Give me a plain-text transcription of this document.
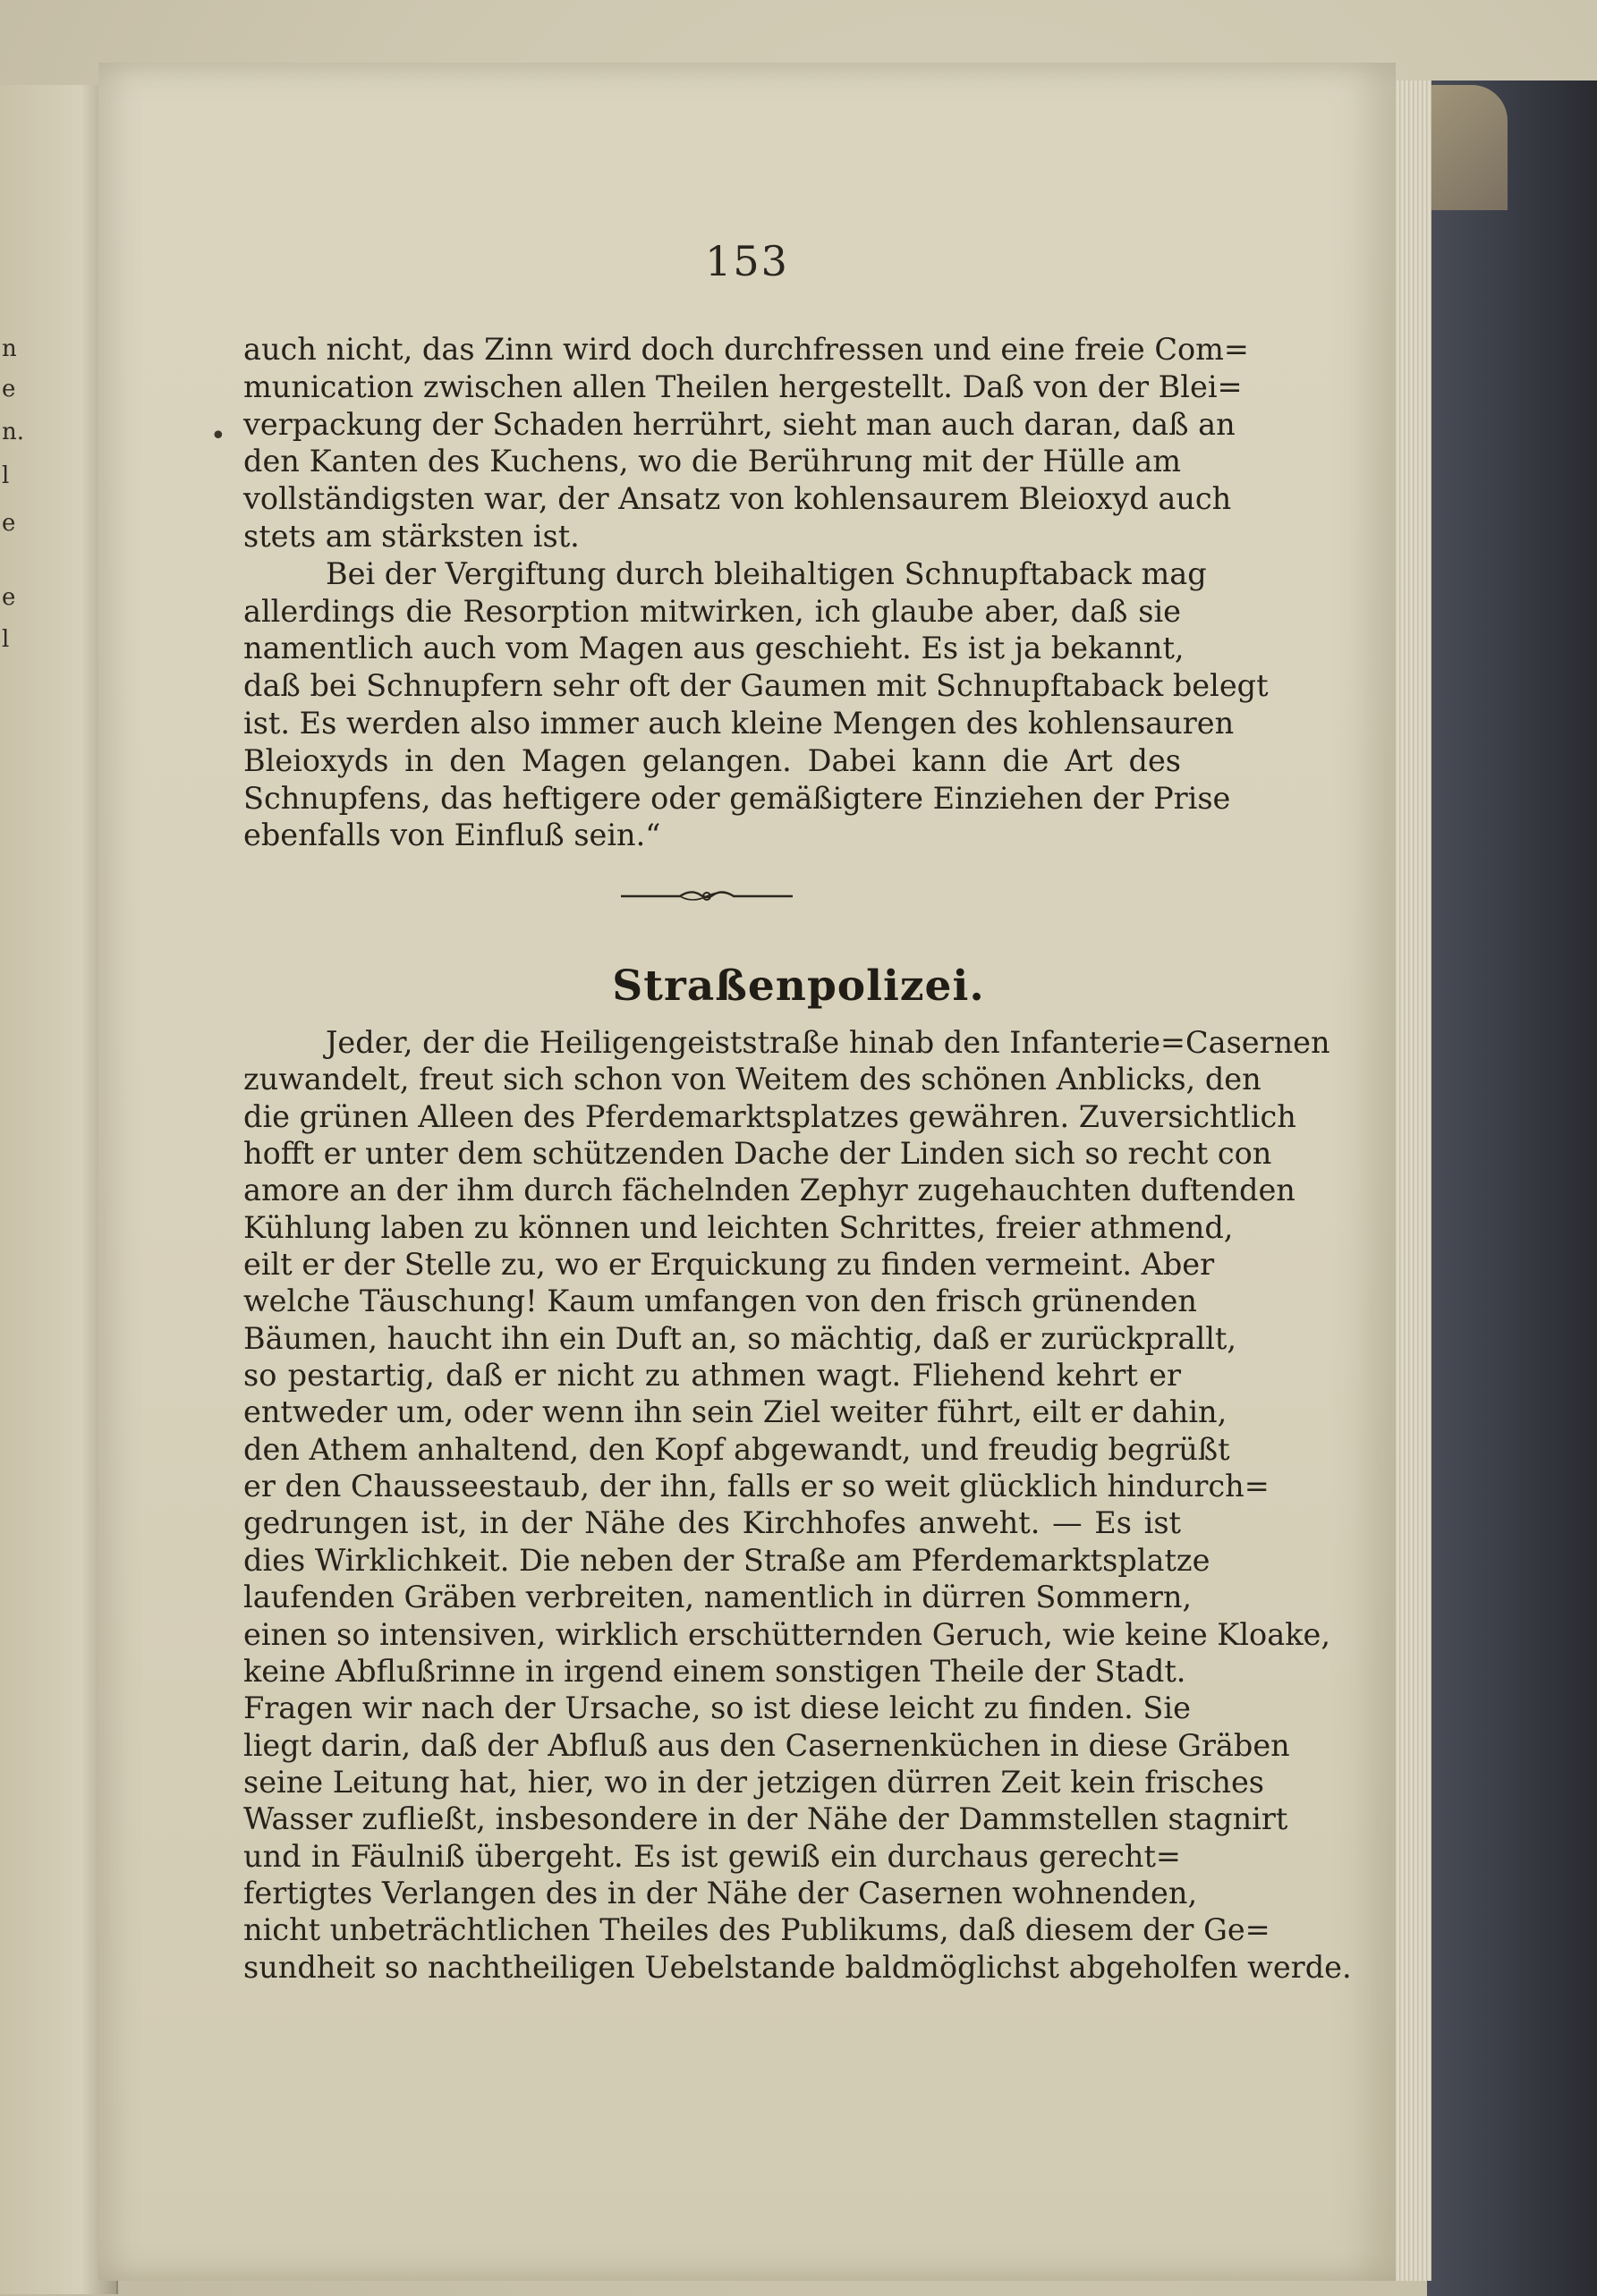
n
e
n.
l
e
e
l
153
•
auch nicht, das Zinn wird doch durchfressen und eine freie Com=
munication zwischen allen Theilen hergestellt. Daß von der Blei=
verpackung der Schaden herrührt, sieht man auch daran, daß an
den Kanten des Kuchens, wo die Berührung mit der Hülle am
vollständigsten war, der Ansatz von kohlensaurem Bleioxyd auch
stets am stärksten ist.
Bei der Vergiftung durch bleihaltigen Schnupftaback mag
allerdings die Resorption mitwirken, ich glaube aber, daß sie
namentlich auch vom Magen aus geschieht. Es ist ja bekannt,
daß bei Schnupfern sehr oft der Gaumen mit Schnupftaback belegt
ist. Es werden also immer auch kleine Mengen des kohlensauren
Bleioxyds in den Magen gelangen. Dabei kann die Art des
Schnupfens, das heftigere oder gemäßigtere Einziehen der Prise
ebenfalls von Einfluß sein.“
Straßenpolizei.
Jeder, der die Heiligengeiststraße hinab den Infanterie=Casernen
zuwandelt, freut sich schon von Weitem des schönen Anblicks, den
die grünen Alleen des Pferdemarktsplatzes gewähren. Zuversichtlich
hofft er unter dem schützenden Dache der Linden sich so recht con
amore an der ihm durch fächelnden Zephyr zugehauchten duftenden
Kühlung laben zu können und leichten Schrittes, freier athmend,
eilt er der Stelle zu, wo er Erquickung zu finden vermeint. Aber
welche Täuschung! Kaum umfangen von den frisch grünenden
Bäumen, haucht ihn ein Duft an, so mächtig, daß er zurückprallt,
so pestartig, daß er nicht zu athmen wagt. Fliehend kehrt er
entweder um, oder wenn ihn sein Ziel weiter führt, eilt er dahin,
den Athem anhaltend, den Kopf abgewandt, und freudig begrüßt
er den Chausseestaub, der ihn, falls er so weit glücklich hindurch=
gedrungen ist, in der Nähe des Kirchhofes anweht. — Es ist
dies Wirklichkeit. Die neben der Straße am Pferdemarktsplatze
laufenden Gräben verbreiten, namentlich in dürren Sommern,
einen so intensiven, wirklich erschütternden Geruch, wie keine Kloake,
keine Abflußrinne in irgend einem sonstigen Theile der Stadt.
Fragen wir nach der Ursache, so ist diese leicht zu finden. Sie
liegt darin, daß der Abfluß aus den Casernenküchen in diese Gräben
seine Leitung hat, hier, wo in der jetzigen dürren Zeit kein frisches
Wasser zufließt, insbesondere in der Nähe der Dammstellen stagnirt
und in Fäulniß übergeht. Es ist gewiß ein durchaus gerecht=
fertigtes Verlangen des in der Nähe der Casernen wohnenden,
nicht unbeträchtlichen Theiles des Publikums, daß diesem der Ge=
sundheit so nachtheiligen Uebelstande baldmöglichst abgeholfen werde.
